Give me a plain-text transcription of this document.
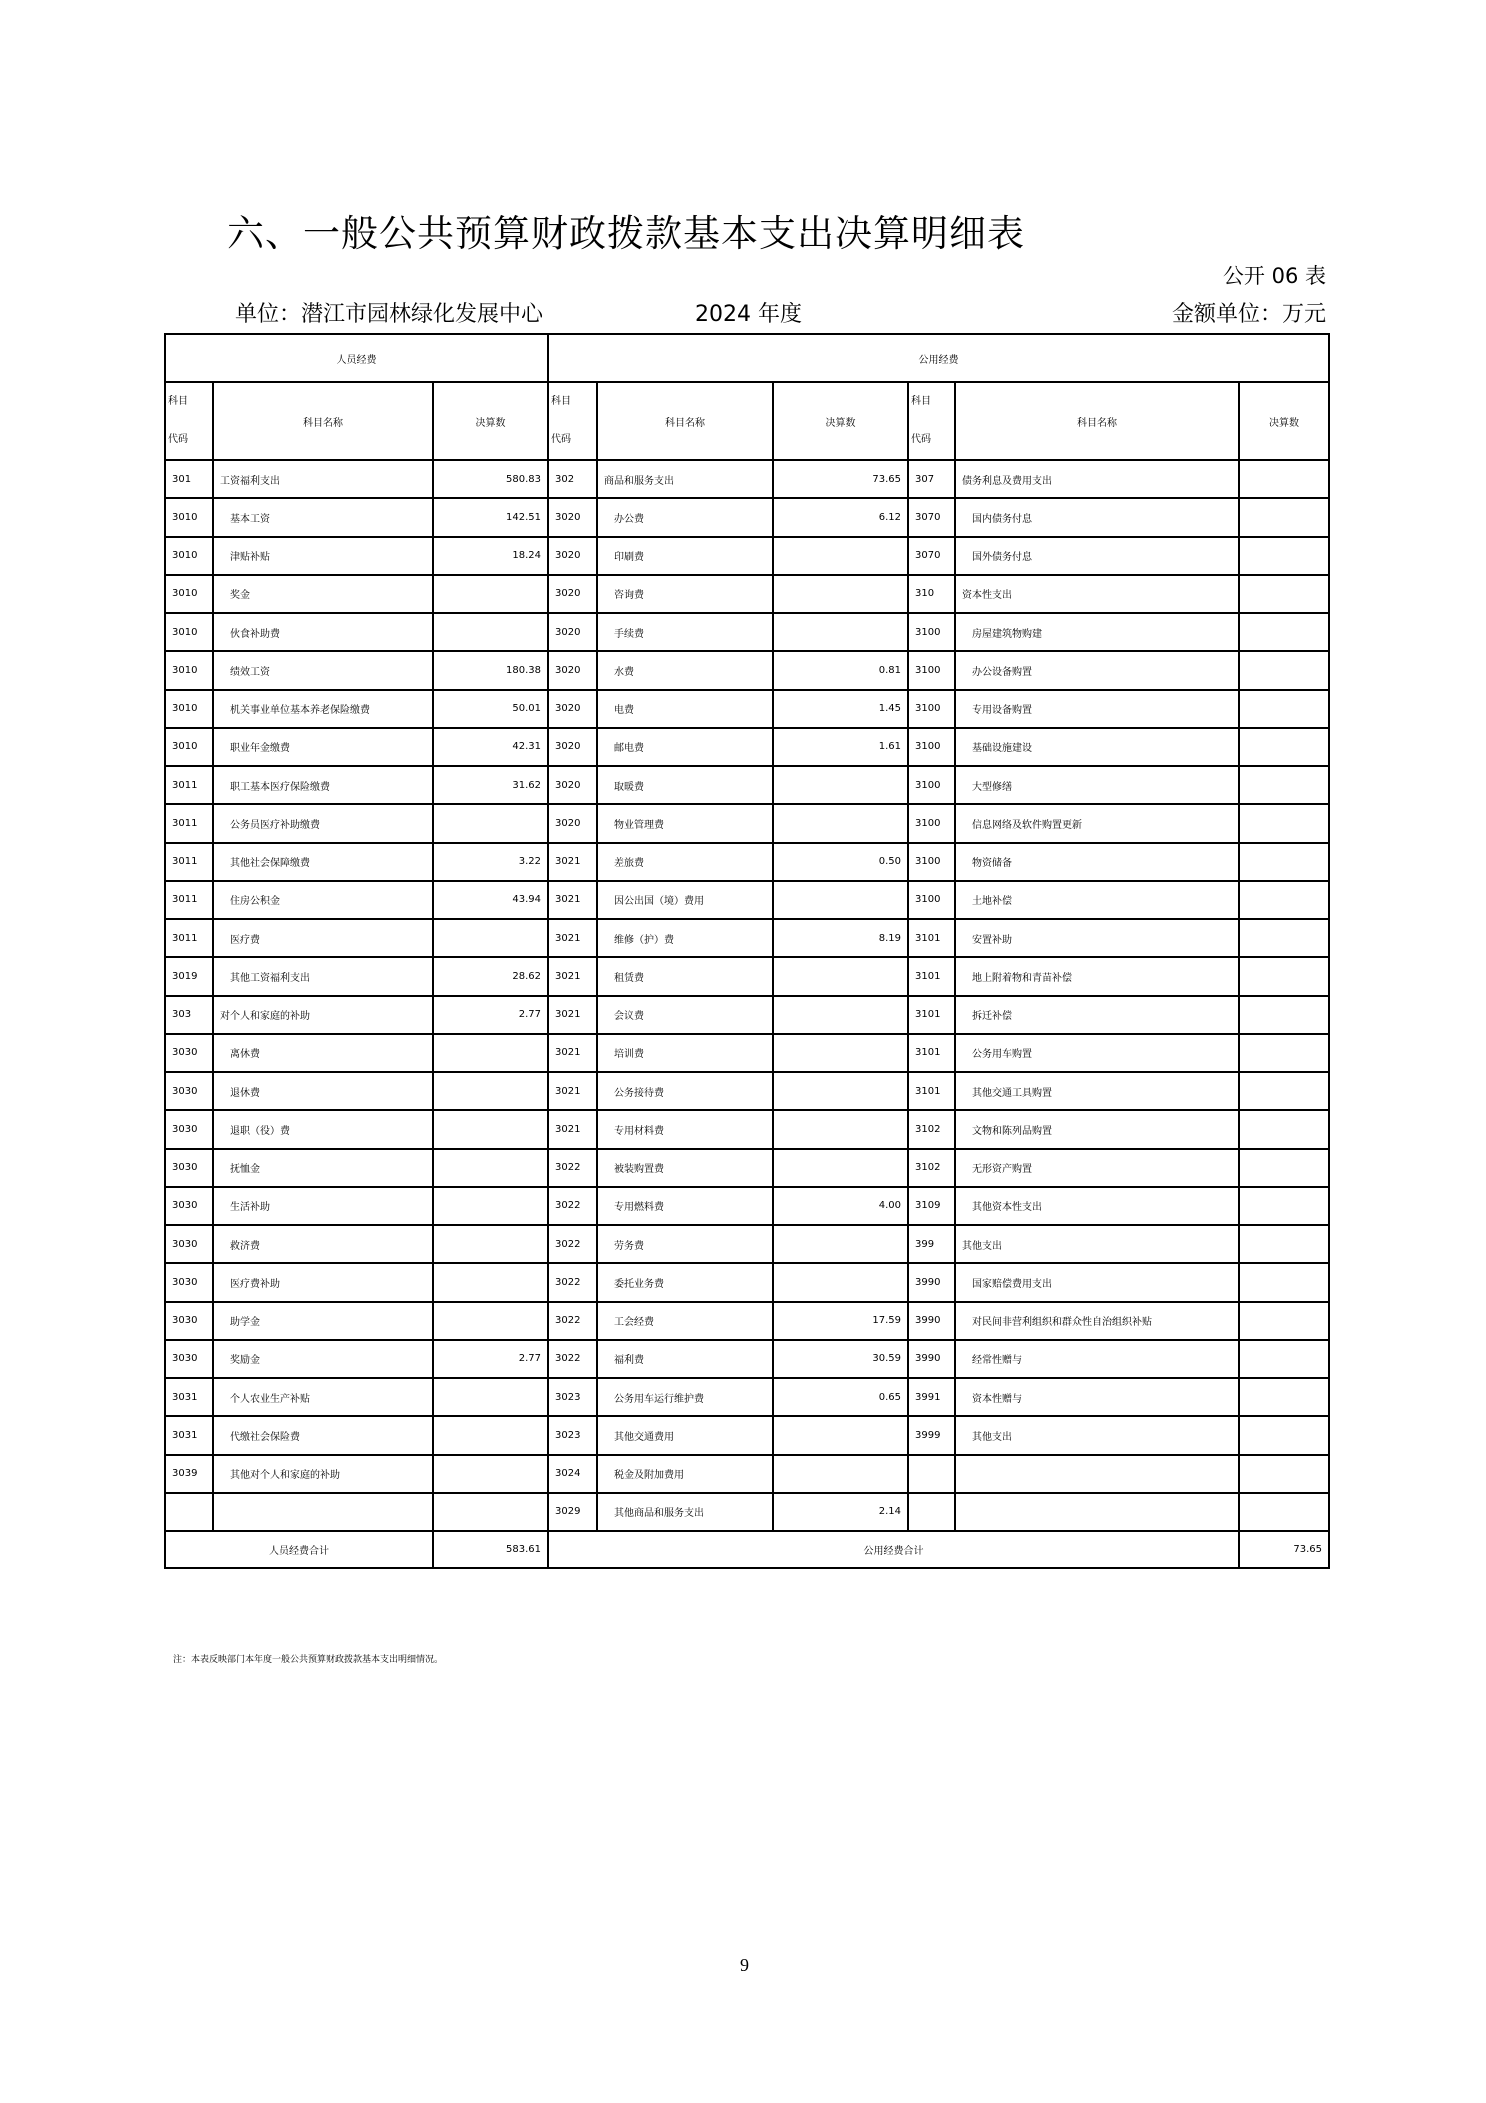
六、一般公共预算财政拨款基本支出决算明细表
公开 06 表
单位：潜江市园林绿化发展中心	2024 年度	金额单位：万元
人员经费			公用经费					
科目
代码	科目名称	决算数	科目
代码	科目名称	决算数	科目
代码	科目名称	决算数
301	工资福利支出	580.83	302	商品和服务支出	73.65	307	债务利息及费用支出	
3010	基本工资	142.51	3020	办公费	6.12	3070	国内债务付息	
3010	津贴补贴	18.24	3020	印刷费		3070	国外债务付息	
3010	奖金		3020	咨询费		310	资本性支出	
3010	伙食补助费		3020	手续费		3100	房屋建筑物购建	
3010	绩效工资	180.38	3020	水费	0.81	3100	办公设备购置	
3010	机关事业单位基本养老保险缴费	50.01	3020	电费	1.45	3100	专用设备购置	
3010	职业年金缴费	42.31	3020	邮电费	1.61	3100	基础设施建设	
3011	职工基本医疗保险缴费	31.62	3020	取暖费		3100	大型修缮	
3011	公务员医疗补助缴费		3020	物业管理费		3100	信息网络及软件购置更新	
3011	其他社会保障缴费	3.22	3021	差旅费	0.50	3100	物资储备	
3011	住房公积金	43.94	3021	因公出国（境）费用		3100	土地补偿	
3011	医疗费		3021	维修（护）费	8.19	3101	安置补助	
3019	其他工资福利支出	28.62	3021	租赁费		3101	地上附着物和青苗补偿	
303	对个人和家庭的补助	2.77	3021	会议费		3101	拆迁补偿	
3030	离休费		3021	培训费		3101	公务用车购置	
3030	退休费		3021	公务接待费		3101	其他交通工具购置	
3030	退职（役）费		3021	专用材料费		3102	文物和陈列品购置	
3030	抚恤金		3022	被装购置费		3102	无形资产购置	
3030	生活补助		3022	专用燃料费	4.00	3109	其他资本性支出	
3030	救济费		3022	劳务费		399	其他支出	
3030	医疗费补助		3022	委托业务费		3990	国家赔偿费用支出	
3030	助学金		3022	工会经费	17.59	3990	对民间非营利组织和群众性自治组织补贴	
3030	奖励金	2.77	3022	福利费	30.59	3990	经常性赠与	
3031	个人农业生产补贴		3023	公务用车运行维护费	0.65	3991	资本性赠与	
3031	代缴社会保险费		3023	其他交通费用		3999	其他支出	
3039	其他对个人和家庭的补助		3024	税金及附加费用				
			3029	其他商品和服务支出	2.14			
人员经费合计		583.61	公用经费合计					73.65
注：本表反映部门本年度一般公共预算财政拨款基本支出明细情况。
9
